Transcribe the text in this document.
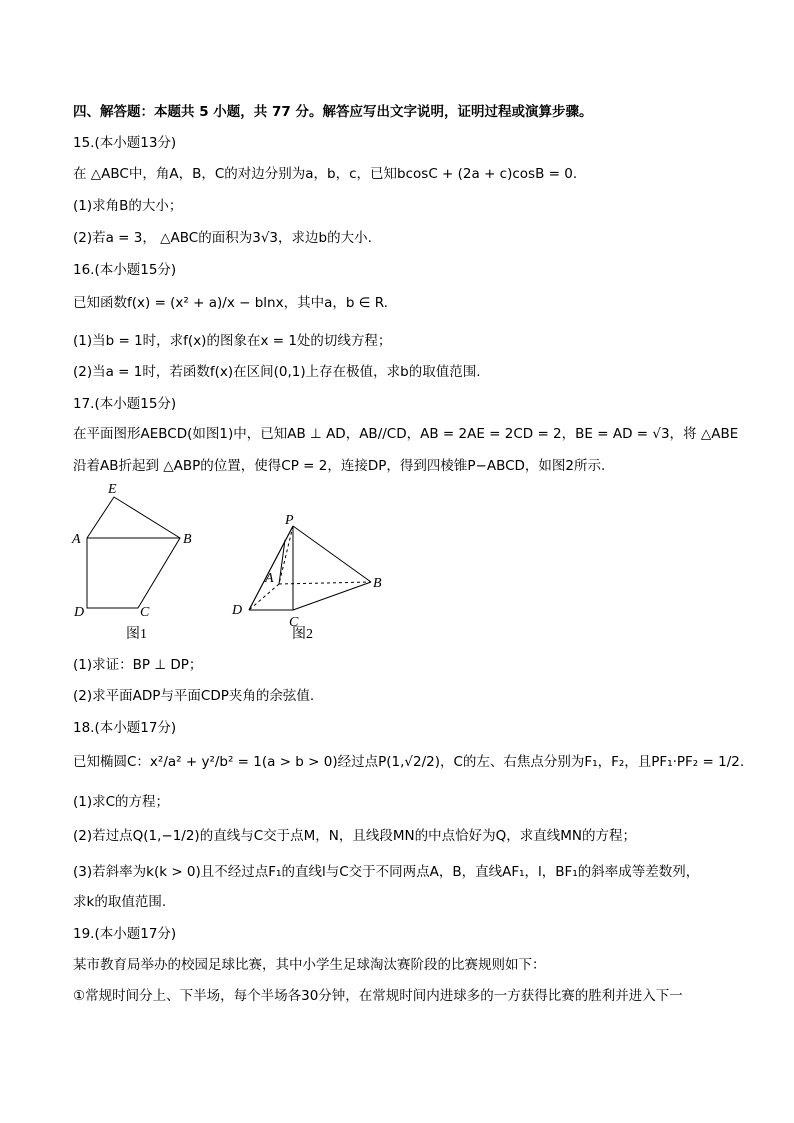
四、解答题：本题共 5 小题，共 77 分。解答应写出文字说明，证明过程或演算步骤。
15.(本小题13分)
在 △ABC中，角A，B，C的对边分别为a，b，c，已知bcosC + (2a + c)cosB = 0.
(1)求角B的大小；
(2)若a = 3， △ABC的面积为3√3，求边b的大小.
16.(本小题15分)
已知函数f(x) = (x² + a)/x − blnx，其中a，b ∈ R.
(1)当b = 1时，求f(x)的图象在x = 1处的切线方程；
(2)当a = 1时，若函数f(x)在区间(0,1)上存在极值，求b的取值范围.
17.(本小题15分)
在平面图形AEBCD(如图1)中，已知AB ⊥ AD，AB//CD，AB = 2AE = 2CD = 2，BE = AD = √3，将 △ABE
沿着AB折起到 △ABP的位置，使得CP = 2，连接DP，得到四棱锥P−ABCD，如图2所示.
E
A	B
D	C
图1
P
A	B
D
C
图2
(1)求证：BP ⊥ DP；
(2)求平面ADP与平面CDP夹角的余弦值.
18.(本小题17分)
已知椭圆C：x²/a² + y²/b² = 1(a > b > 0)经过点P(1,√2/2)，C的左、右焦点分别为F₁，F₂，且PF₁·PF₂ = 1/2.
(1)求C的方程；
(2)若过点Q(1,−1/2)的直线与C交于点M，N，且线段MN的中点恰好为Q，求直线MN的方程；
(3)若斜率为k(k > 0)且不经过点F₁的直线l与C交于不同两点A，B，直线AF₁，l，BF₁的斜率成等差数列，
求k的取值范围.
19.(本小题17分)
某市教育局举办的校园足球比赛，其中小学生足球淘汰赛阶段的比赛规则如下：
①常规时间分上、下半场，每个半场各30分钟，在常规时间内进球多的一方获得比赛的胜利并进入下一
